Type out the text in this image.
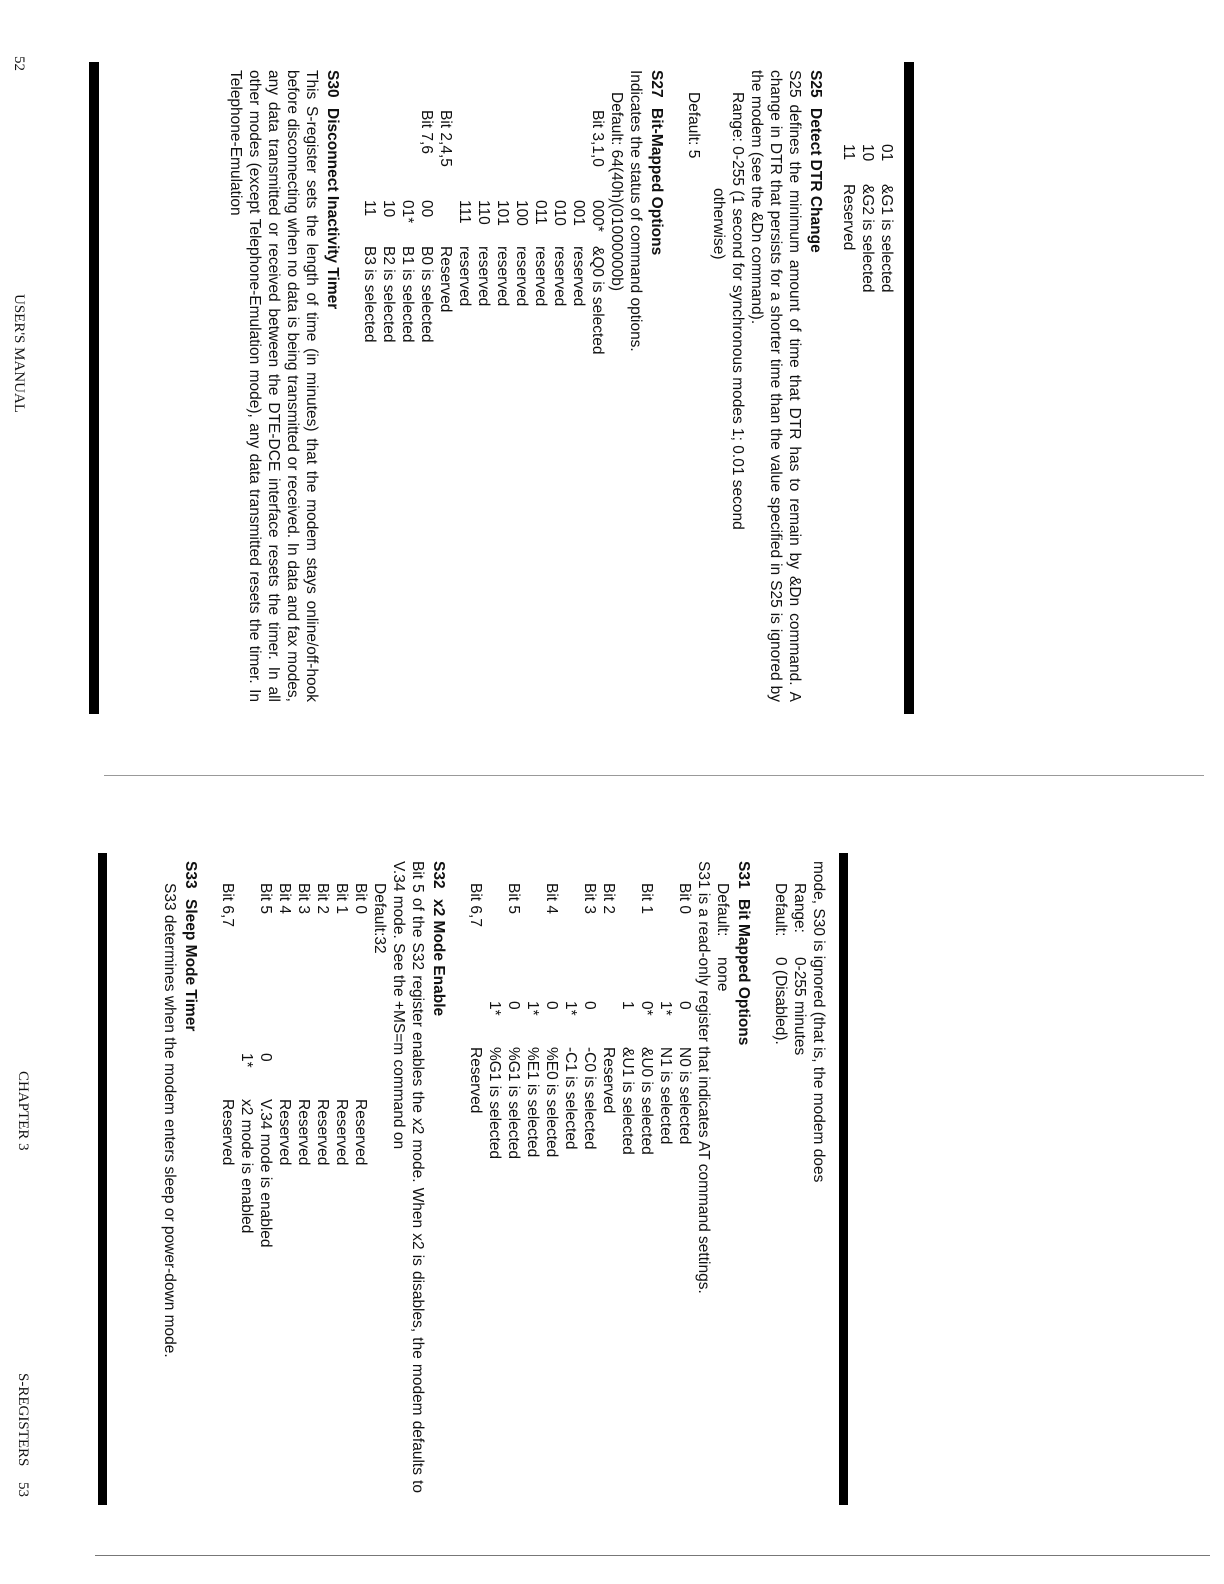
01&G1 is selected
10&G2 is selected
11Reserved
S25Detect DTR Change

S25 defines the minimum amount of time that DTR has to remain by &Dn command. A change in DTR that persists for a shorter time than the value specified in S25 is ignored by the modem (see the &Dn command).

Range: 0-255 (1 second for synchronous modes 1; 0.01 second
otherwise)
Default: 5
S27Bit-Mapped Options

Indicates the status of command options.

Default: 64(40h)(01000000b)
Bit 3,1,0000*&Q0 is selected
001reserved
010reserved
011reserved
100reserved
101reserved
110reserved
111reserved
Bit 2,4,5Reserved
Bit 7,600B0 is selected
01*B1 is selected
10B2 is selected
11B3 is selected
S30Disconnect Inactivity Timer

This S-register sets the length of time (in minutes) that the modem stays online/off-hook before disconnecting when no data is being transmitted or received. In data and fax modes, any data transmitted or received between the DTE-DCE interface resets the timer. In all other modes (except Telephone-Emulation mode), any data transmitted resets the timer. In Telephone-Emulation

52
USER'S MANUAL

mode, S30 is ignored (that is, the modem does

Range:0-255 minutes
Default:0 (Disabled).
S31Bit Mapped Options
Default:none

S31 is a read-only register that indicates AT command settings.

Bit 00N0 is selected
1*N1 is selected
Bit 10*&U0 is selected
1&U1 is selected
Bit 2Reserved
Bit 30-C0 is selected
1*-C1 is selected
Bit 40%E0 is selected
1*%E1 is selected
Bit 50%G1 is selected
1*%G1 is selected
Bit 6,7Reserved
S32x2 Mode Enable

Bit 5 of the S32 register enables the x2 mode. When x2 is disables, the modem defaults to V.34 mode. See the +MS=m command on

Default:32
Bit 0Reserved
Bit 1Reserved
Bit 2Reserved
Bit 3Reserved
Bit 4Reserved
Bit 50V.34 mode is enabled
1*x2 mode is enabled
Bit 6,7Reserved
S33Sleep Mode Timer

S33 determines when the modem enters sleep or power-down mode.

CHAPTER 3
S-REGISTERS
53
